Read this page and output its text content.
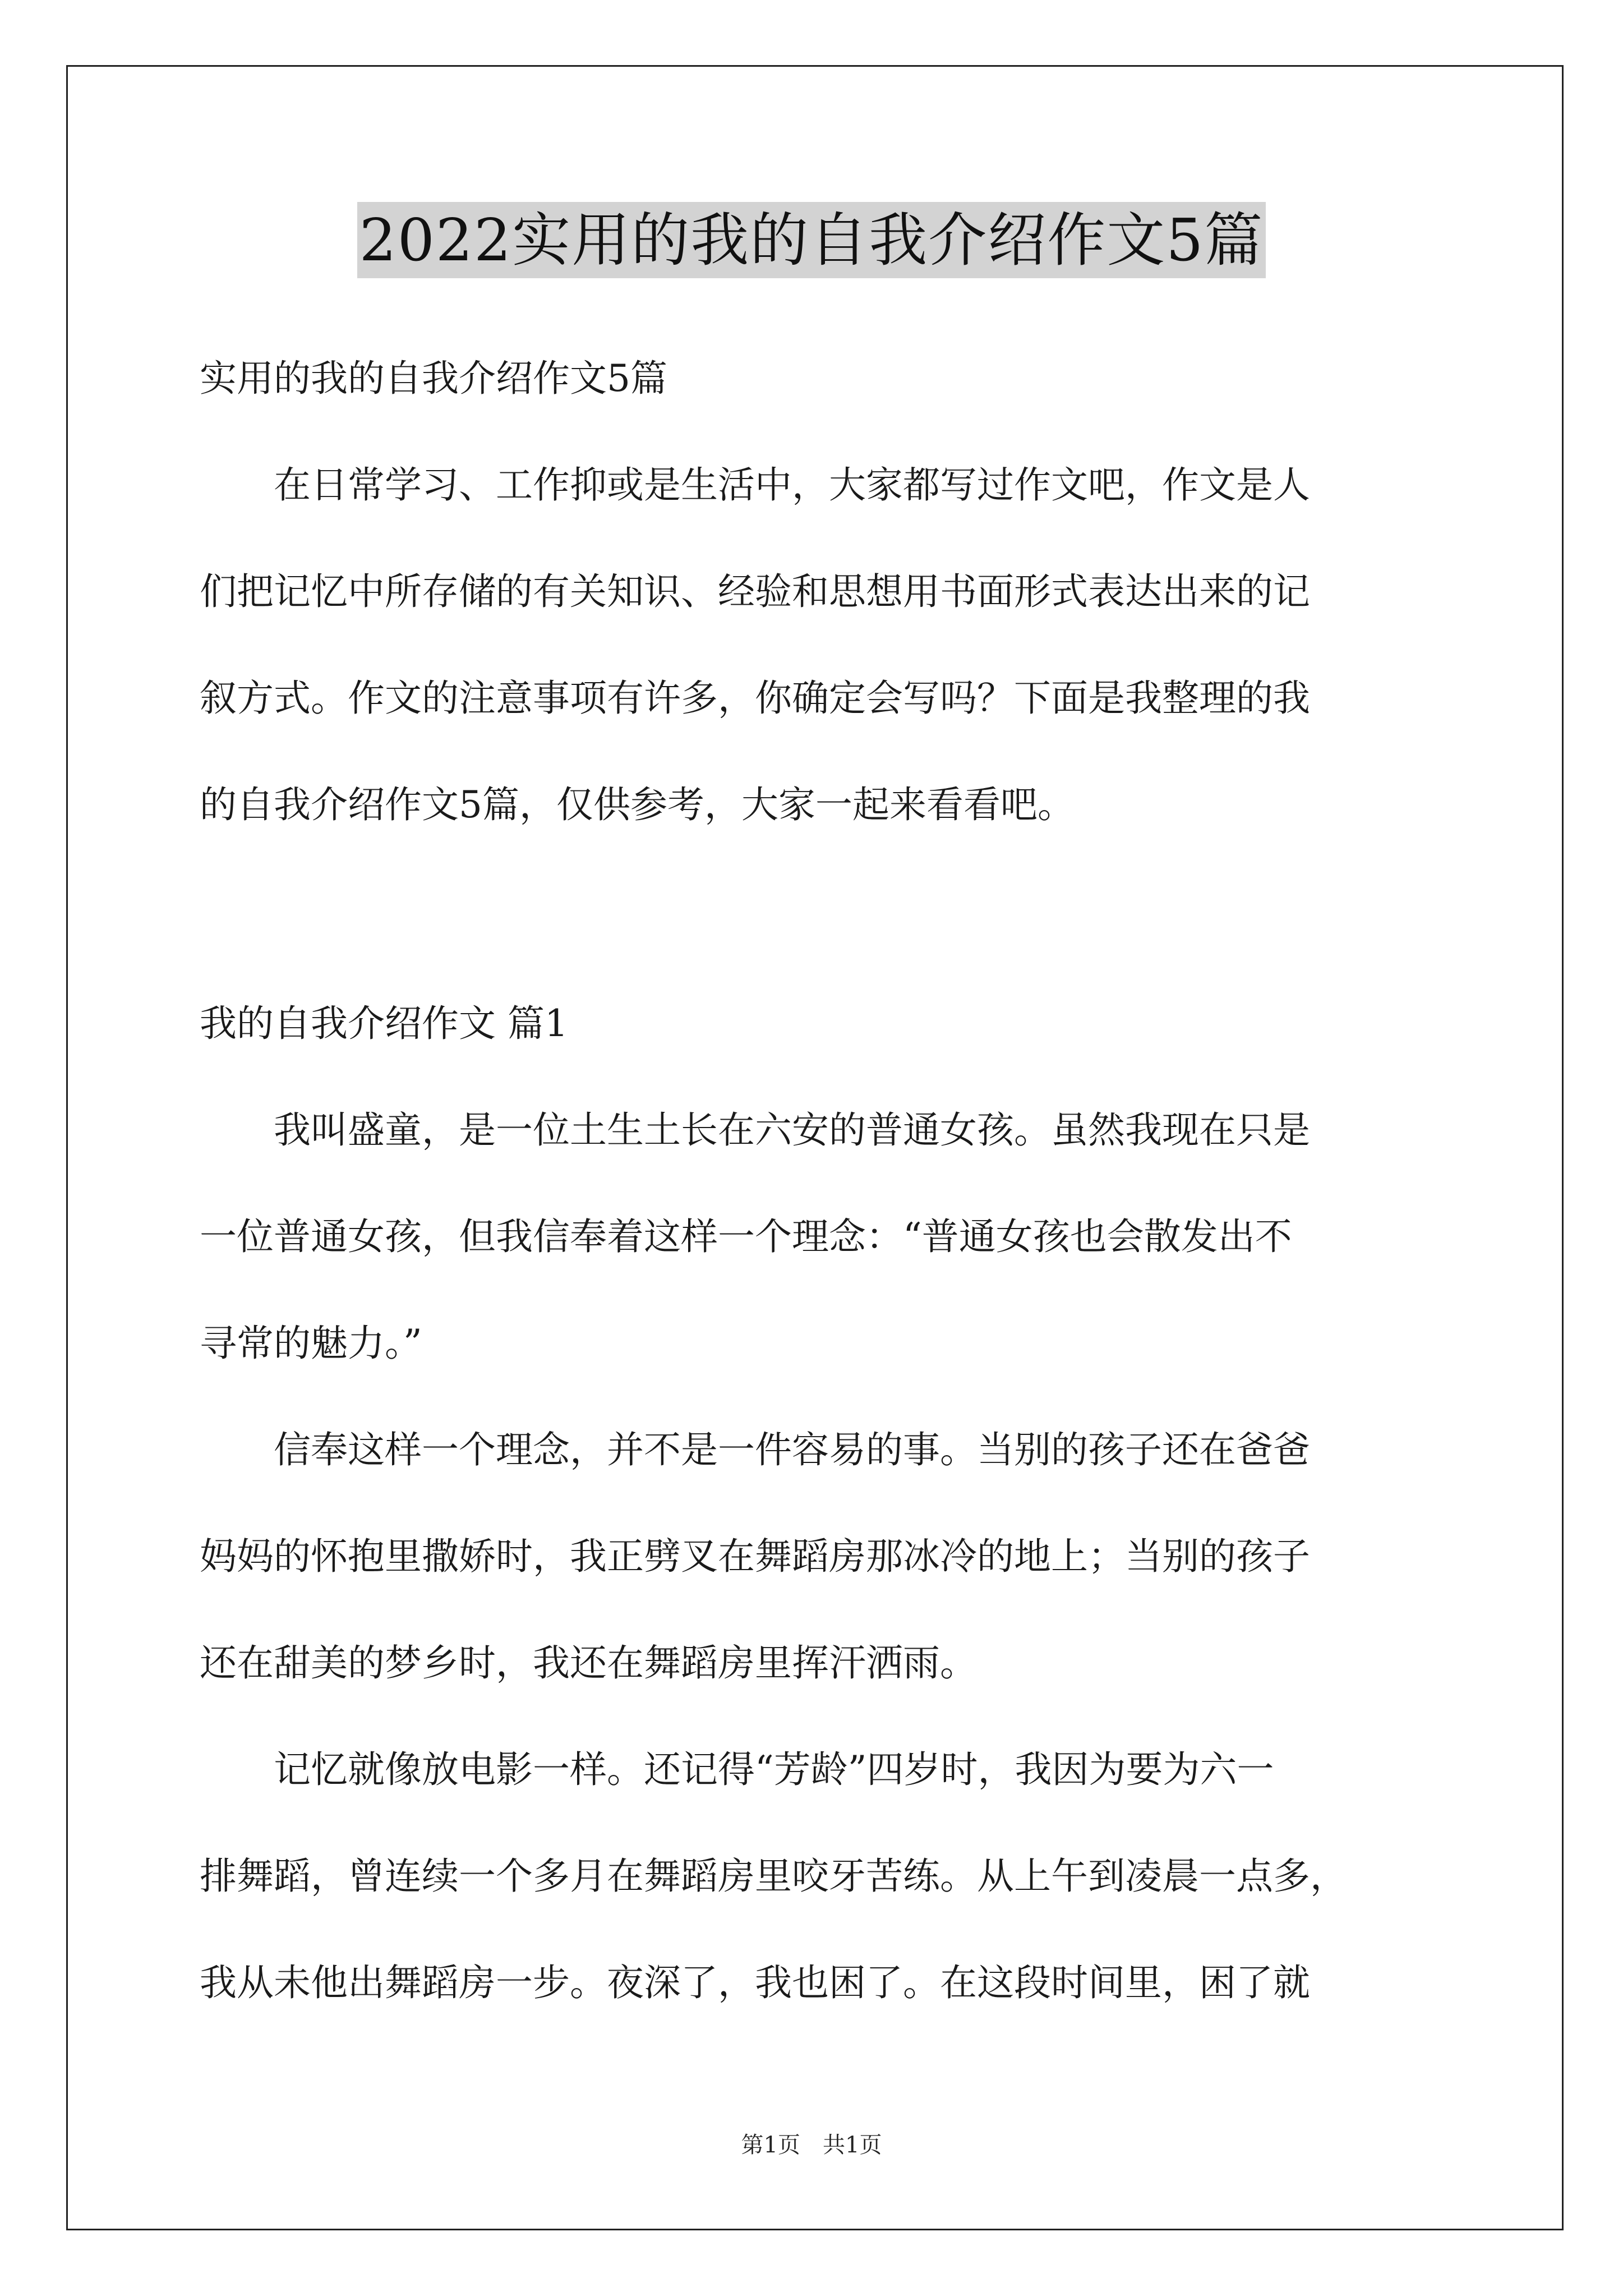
2022实用的我的自我介绍作文5篇
实用的我的自我介绍作文5篇
　　在日常学习、工作抑或是生活中，大家都写过作文吧，作文是人
们把记忆中所存储的有关知识、经验和思想用书面形式表达出来的记
叙方式。作文的注意事项有许多，你确定会写吗？下面是我整理的我
的自我介绍作文5篇，仅供参考，大家一起来看看吧。
我的自我介绍作文 篇1
　　我叫盛童，是一位土生土长在六安的普通女孩。虽然我现在只是
一位普通女孩，但我信奉着这样一个理念：“普通女孩也会散发出不
寻常的魅力。”
　　信奉这样一个理念，并不是一件容易的事。当别的孩子还在爸爸
妈妈的怀抱里撒娇时，我正劈叉在舞蹈房那冰冷的地上；当别的孩子
还在甜美的梦乡时，我还在舞蹈房里挥汗洒雨。
　　记忆就像放电影一样。还记得“芳龄”四岁时，我因为要为六一
排舞蹈，曾连续一个多月在舞蹈房里咬牙苦练。从上午到凌晨一点多，
我从未他出舞蹈房一步。夜深了，我也困了。在这段时间里，困了就
第1页　共1页
